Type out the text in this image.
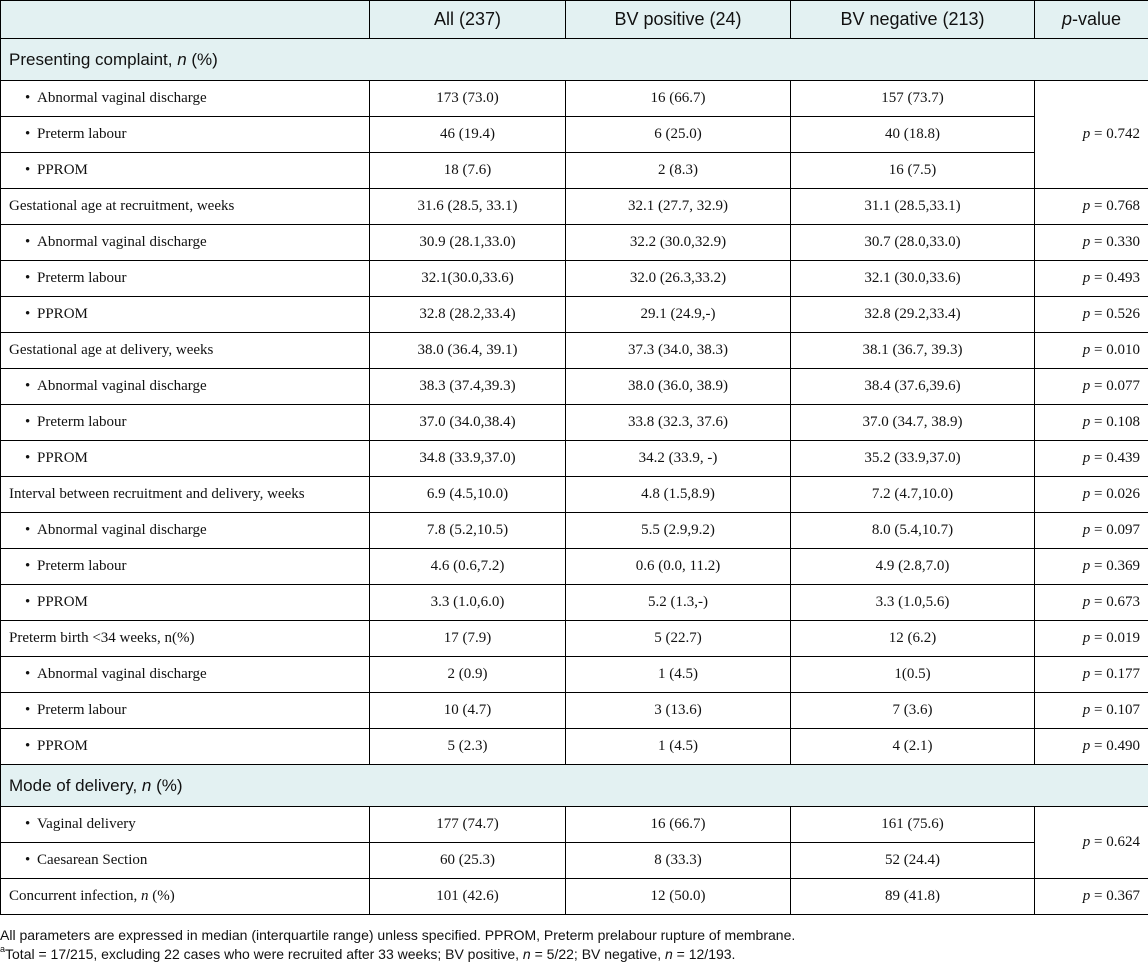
	All (237)	BV positive (24)	BV negative (213)	p-value
Presenting complaint, n (%)				
• Abnormal vaginal discharge	173 (73.0)	16 (66.7)	157 (73.7)	p = 0.742
• Preterm labour	46 (19.4)	6 (25.0)	40 (18.8)	
• PPROM	18 (7.6)	2 (8.3)	16 (7.5)	
Gestational age at recruitment, weeks	31.6 (28.5, 33.1)	32.1 (27.7, 32.9)	31.1 (28.5,33.1)	p = 0.768
• Abnormal vaginal discharge	30.9 (28.1,33.0)	32.2 (30.0,32.9)	30.7 (28.0,33.0)	p = 0.330
• Preterm labour	32.1(30.0,33.6)	32.0 (26.3,33.2)	32.1 (30.0,33.6)	p = 0.493
• PPROM	32.8 (28.2,33.4)	29.1 (24.9,-)	32.8 (29.2,33.4)	p = 0.526
Gestational age at delivery, weeks	38.0 (36.4, 39.1)	37.3 (34.0, 38.3)	38.1 (36.7, 39.3)	p = 0.010
• Abnormal vaginal discharge	38.3 (37.4,39.3)	38.0 (36.0, 38.9)	38.4 (37.6,39.6)	p = 0.077
• Preterm labour	37.0 (34.0,38.4)	33.8 (32.3, 37.6)	37.0 (34.7, 38.9)	p = 0.108
• PPROM	34.8 (33.9,37.0)	34.2 (33.9, -)	35.2 (33.9,37.0)	p = 0.439
Interval between recruitment and delivery, weeks	6.9 (4.5,10.0)	4.8 (1.5,8.9)	7.2 (4.7,10.0)	p = 0.026
• Abnormal vaginal discharge	7.8 (5.2,10.5)	5.5 (2.9,9.2)	8.0 (5.4,10.7)	p = 0.097
• Preterm labour	4.6 (0.6,7.2)	0.6 (0.0, 11.2)	4.9 (2.8,7.0)	p = 0.369
• PPROM	3.3 (1.0,6.0)	5.2 (1.3,-)	3.3 (1.0,5.6)	p = 0.673
Preterm birth <34 weeks, n(%)	17 (7.9)	5 (22.7)	12 (6.2)	p = 0.019
• Abnormal vaginal discharge	2 (0.9)	1 (4.5)	1(0.5)	p = 0.177
• Preterm labour	10 (4.7)	3 (13.6)	7 (3.6)	p = 0.107
• PPROM	5 (2.3)	1 (4.5)	4 (2.1)	p = 0.490
Mode of delivery, n (%)				
• Vaginal delivery	177 (74.7)	16 (66.7)	161 (75.6)	p = 0.624
• Caesarean Section	60 (25.3)	8 (33.3)	52 (24.4)	
Concurrent infection, n (%)	101 (42.6)	12 (50.0)	89 (41.8)	p = 0.367
All parameters are expressed in median (interquartile range) unless specified. PPROM, Preterm prelabour rupture of membrane.
$^a$Total = 17/215, excluding 22 cases who were recruited after 33 weeks; BV positive, n = 5/22; BV negative, n = 12/193.
